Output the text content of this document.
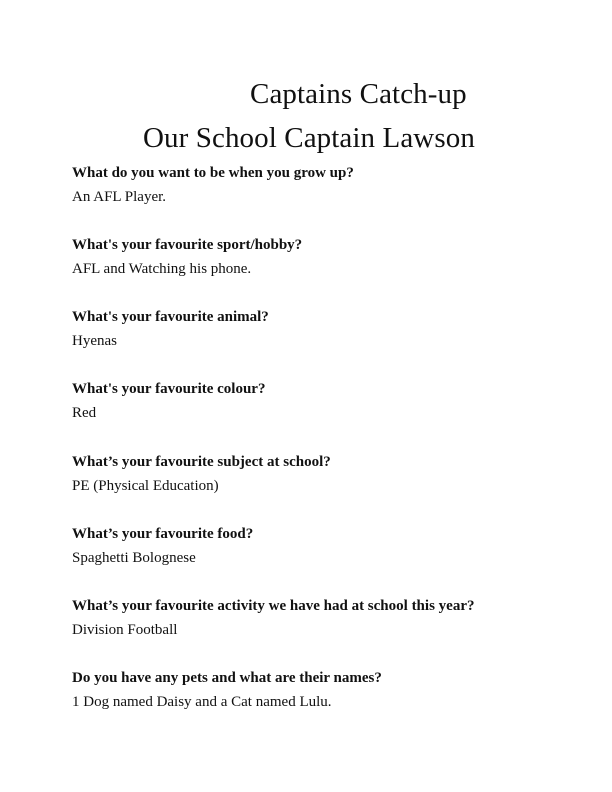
Captains Catch-up
Our School Captain Lawson
What do you want to be when you grow up?
An AFL Player.
What's your favourite sport/hobby?
AFL and Watching his phone.
What's your favourite animal?
Hyenas
What's your favourite colour?
Red
What’s your favourite subject at school?
PE (Physical Education)
What’s your favourite food?
Spaghetti Bolognese
What’s your favourite activity we have had at school this year?
Division Football
Do you have any pets and what are their names?
1 Dog named Daisy and a Cat named Lulu.
